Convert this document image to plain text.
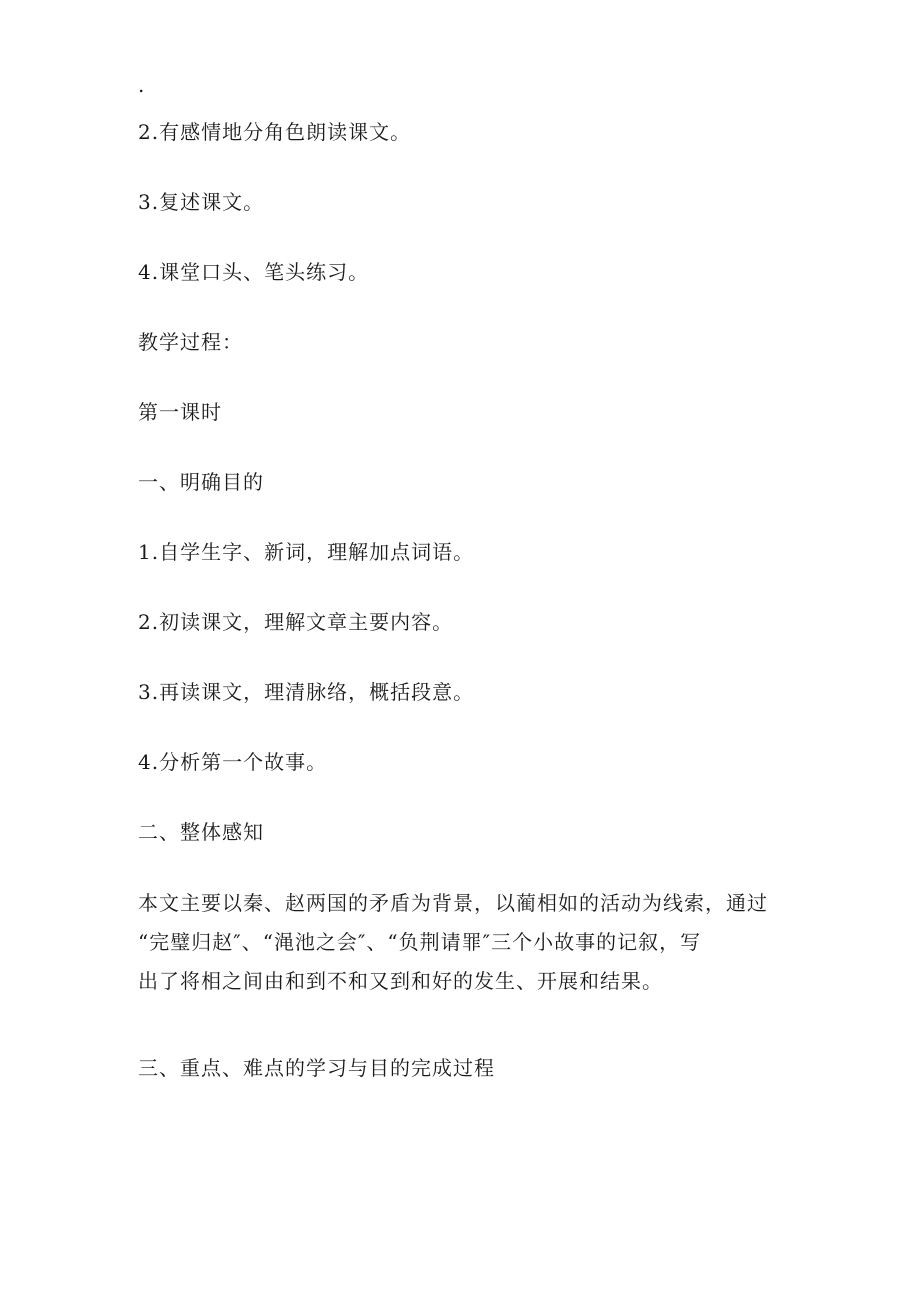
.
2.有感情地分角色朗读课文。
3.复述课文。
4.课堂口头、笔头练习。
教学过程：
第一课时
一、明确目的
1.自学生字、新词，理解加点词语。
2.初读课文，理解文章主要内容。
3.再读课文，理清脉络，概括段意。
4.分析第一个故事。
二、整体感知
本文主要以秦、赵两国的矛盾为背景，以蔺相如的活动为线索，通过
“完璧归赵″、“渑池之会″、“负荆请罪″三个小故事的记叙，写
出了将相之间由和到不和又到和好的发生、开展和结果。
三、重点、难点的学习与目的完成过程
